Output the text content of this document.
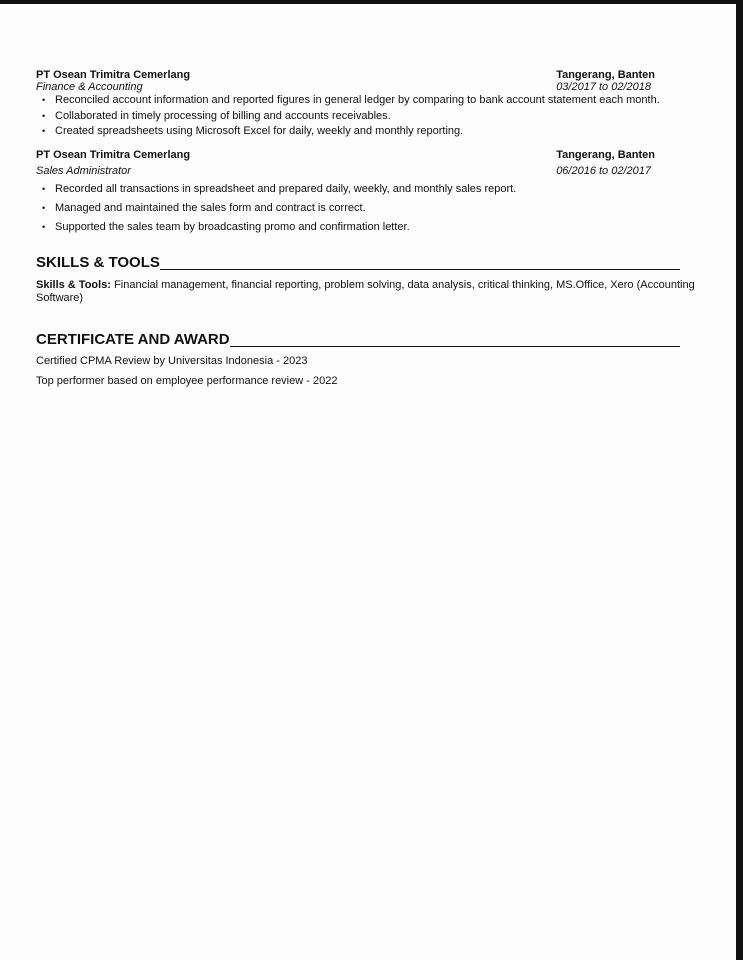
PT Osean Trimitra Cemerlang	Tangerang, Banten
Finance & Accounting	03/2017 to 02/2018
• Reconciled account information and reported figures in general ledger by comparing to bank account statement each month.
• Collaborated in timely processing of billing and accounts receivables.
• Created spreadsheets using Microsoft Excel for daily, weekly and monthly reporting.
PT Osean Trimitra Cemerlang	Tangerang, Banten
Sales Administrator	06/2016 to 02/2017
• Recorded all transactions in spreadsheet and prepared daily, weekly, and monthly sales report.
• Managed and maintained the sales form and contract is correct.
• Supported the sales team by broadcasting promo and confirmation letter.
SKILLS & TOOLS
Skills & Tools: Financial management, financial reporting, problem solving, data analysis, critical thinking, MS.Office, Xero (Accounting Software)
CERTIFICATE AND AWARD
Certified CPMA Review by Universitas Indonesia - 2023
Top performer based on employee performance review - 2022
